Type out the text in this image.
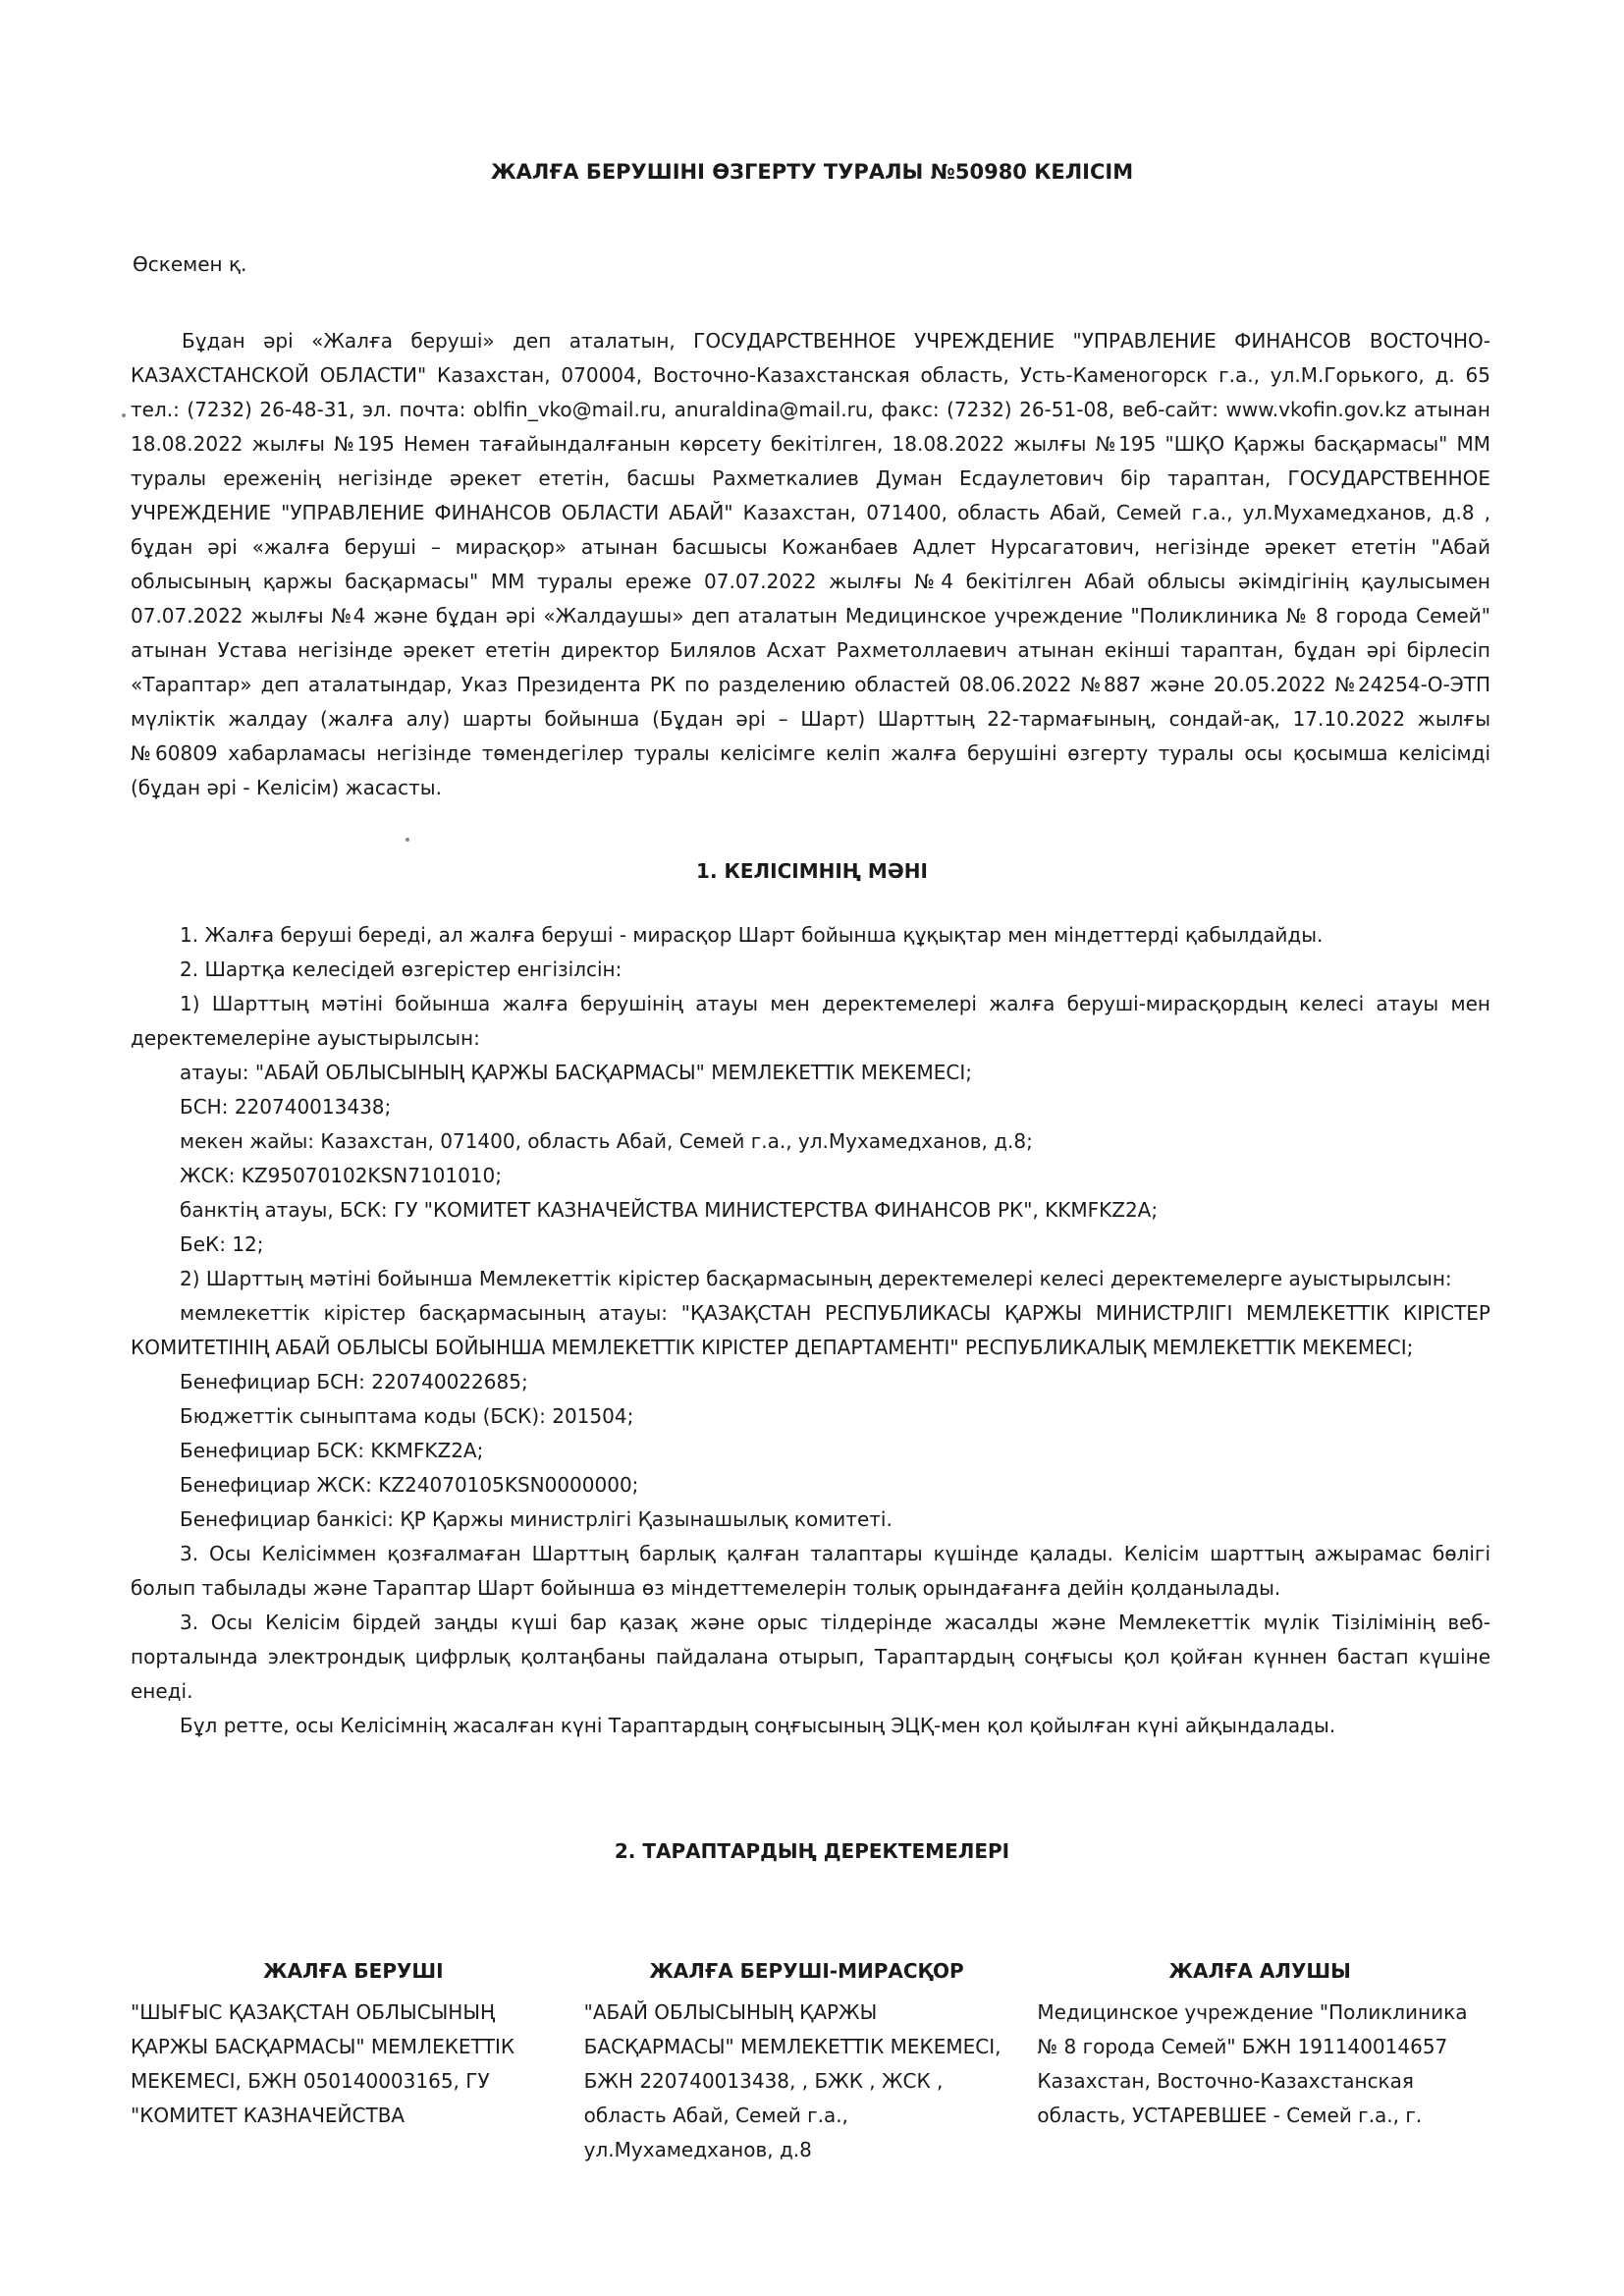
ЖАЛҒА БЕРУШІНІ ӨЗГЕРТУ ТУРАЛЫ №50980 КЕЛІСІМ
Өскемен қ.
Бұдан әрі «Жалға беруші» деп аталатын, ГОСУДАРСТВЕННОЕ УЧРЕЖДЕНИЕ "УПРАВЛЕНИЕ ФИНАНСОВ ВОСТОЧНО-КАЗАХСТАНСКОЙ ОБЛАСТИ" Казахстан, 070004, Восточно-Казахстанская область, Усть-Каменогорск г.а., ул.М.Горького, д. 65 тел.: (7232) 26-48-31, эл. почта: oblfin_vko@mail.ru, anuraldina@mail.ru, факс: (7232) 26-51-08, веб-сайт: www.vkofin.gov.kz атынан 18.08.2022 жылғы №195 Немен тағайындалғанын көрсету бекітілген, 18.08.2022 жылғы №195 "ШҚО Қаржы басқармасы" ММ туралы ереженің негізінде әрекет ететін, басшы Рахметкалиев Думан Есдаулетович бір тараптан, ГОСУДАРСТВЕННОЕ УЧРЕЖДЕНИЕ "УПРАВЛЕНИЕ ФИНАНСОВ ОБЛАСТИ АБАЙ" Казахстан, 071400, область Абай, Семей г.а., ул.Мухамедханов, д.8 , бұдан әрі «жалға беруші – мирасқор» атынан басшысы Кожанбаев Адлет Нурсагатович, негізінде әрекет ететін "Абай облысының қаржы басқармасы" ММ туралы ереже 07.07.2022 жылғы №4 бекітілген Абай облысы әкімдігінің қаулысымен 07.07.2022 жылғы №4 және бұдан әрі «Жалдаушы» деп аталатын Медицинское учреждение "Поликлиника № 8 города Семей" атынан Устава негізінде әрекет ететін директор Билялов Асхат Рахметоллаевич атынан екінші тараптан, бұдан әрі бірлесіп «Тараптар» деп аталатындар, Указ Президента РК по разделению областей 08.06.2022 №887 және 20.05.2022 №24254-О-ЭТП мүліктік жалдау (жалға алу) шарты бойынша (Бұдан әрі – Шарт) Шарттың 22-тармағының, сондай-ақ, 17.10.2022 жылғы №60809 хабарламасы негізінде төмендегілер туралы келісімге келіп жалға берушіні өзгерту туралы осы қосымша келісімді (бұдан әрі - Келісім) жасасты.
1. КЕЛІСІМНІҢ МӘНІ

1. Жалға беруші береді, ал жалға беруші - мирасқор Шарт бойынша құқықтар мен міндеттерді қабылдайды.

2. Шартқа келесідей өзгерістер енгізілсін:

1) Шарттың мәтіні бойынша жалға берушінің атауы мен деректемелері жалға беруші-мирасқордың келесі атауы мен деректемелеріне ауыстырылсын:

атауы: "АБАЙ ОБЛЫСЫНЫҢ ҚАРЖЫ БАСҚАРМАСЫ" МЕМЛЕКЕТТІК МЕКЕМЕСІ;

БСН: 220740013438;

мекен жайы: Казахстан, 071400, область Абай, Семей г.а., ул.Мухамедханов, д.8;

ЖСК: KZ95070102KSN7101010;

банктің атауы, БСК: ГУ "КОМИТЕТ КАЗНАЧЕЙСТВА МИНИСТЕРСТВА ФИНАНСОВ РК", KKMFKZ2A;

БеК: 12;

2) Шарттың мәтіні бойынша Мемлекеттік кірістер басқармасының деректемелері келесі деректемелерге ауыстырылсын:

мемлекеттік кірістер басқармасының атауы: "ҚАЗАҚСТАН РЕСПУБЛИКАСЫ ҚАРЖЫ МИНИСТРЛІГІ МЕМЛЕКЕТТІК КІРІСТЕР КОМИТЕТІНІҢ АБАЙ ОБЛЫСЫ БОЙЫНША МЕМЛЕКЕТТІК КІРІСТЕР ДЕПАРТАМЕНТІ" РЕСПУБЛИКАЛЫҚ МЕМЛЕКЕТТІК МЕКЕМЕСІ;

Бенефициар БСН: 220740022685;

Бюджеттік сыныптама коды (БСК): 201504;

Бенефициар БСК: KKMFKZ2A;

Бенефициар ЖСК: KZ24070105KSN0000000;

Бенефициар банкісі: ҚР Қаржы министрлігі Қазынашылық комитеті.

3. Осы Келісіммен қозғалмаған Шарттың барлық қалған талаптары күшінде қалады. Келісім шарттың ажырамас бөлігі болып табылады және Тараптар Шарт бойынша өз міндеттемелерін толық орындағанға дейін қолданылады.

3. Осы Келісім бірдей заңды күші бар қазақ және орыс тілдерінде жасалды және Мемлекеттік мүлік Тізілімінің веб-порталында электрондық цифрлық қолтаңбаны пайдалана отырып, Тараптардың соңғысы қол қойған күннен бастап күшіне енеді.

Бұл ретте, осы Келісімнің жасалған күні Тараптардың соңғысының ЭЦҚ-мен қол қойылған күні айқындалады.

2. ТАРАПТАРДЫҢ ДЕРЕКТЕМЕЛЕРІ
ЖАЛҒА БЕРУШІ
"ШЫҒЫС ҚАЗАҚСТАН ОБЛЫСЫНЫҢ ҚАРЖЫ БАСҚАРМАСЫ" МЕМЛЕКЕТТІК МЕКЕМЕСІ, БЖН 050140003165, ГУ "КОМИТЕТ КАЗНАЧЕЙСТВА
ЖАЛҒА БЕРУШІ-МИРАСҚОР
"АБАЙ ОБЛЫСЫНЫҢ ҚАРЖЫ БАСҚАРМАСЫ" МЕМЛЕКЕТТІК МЕКЕМЕСІ, БЖН 220740013438, , БЖК , ЖСК , область Абай, Семей г.а., ул.Мухамедханов, д.8
ЖАЛҒА АЛУШЫ
Медицинское учреждение "Поликлиника № 8 города Семей" БЖН 191140014657 Казахстан, Восточно-Казахстанская область, УСТАРЕВШЕЕ - Семей г.а., г.
